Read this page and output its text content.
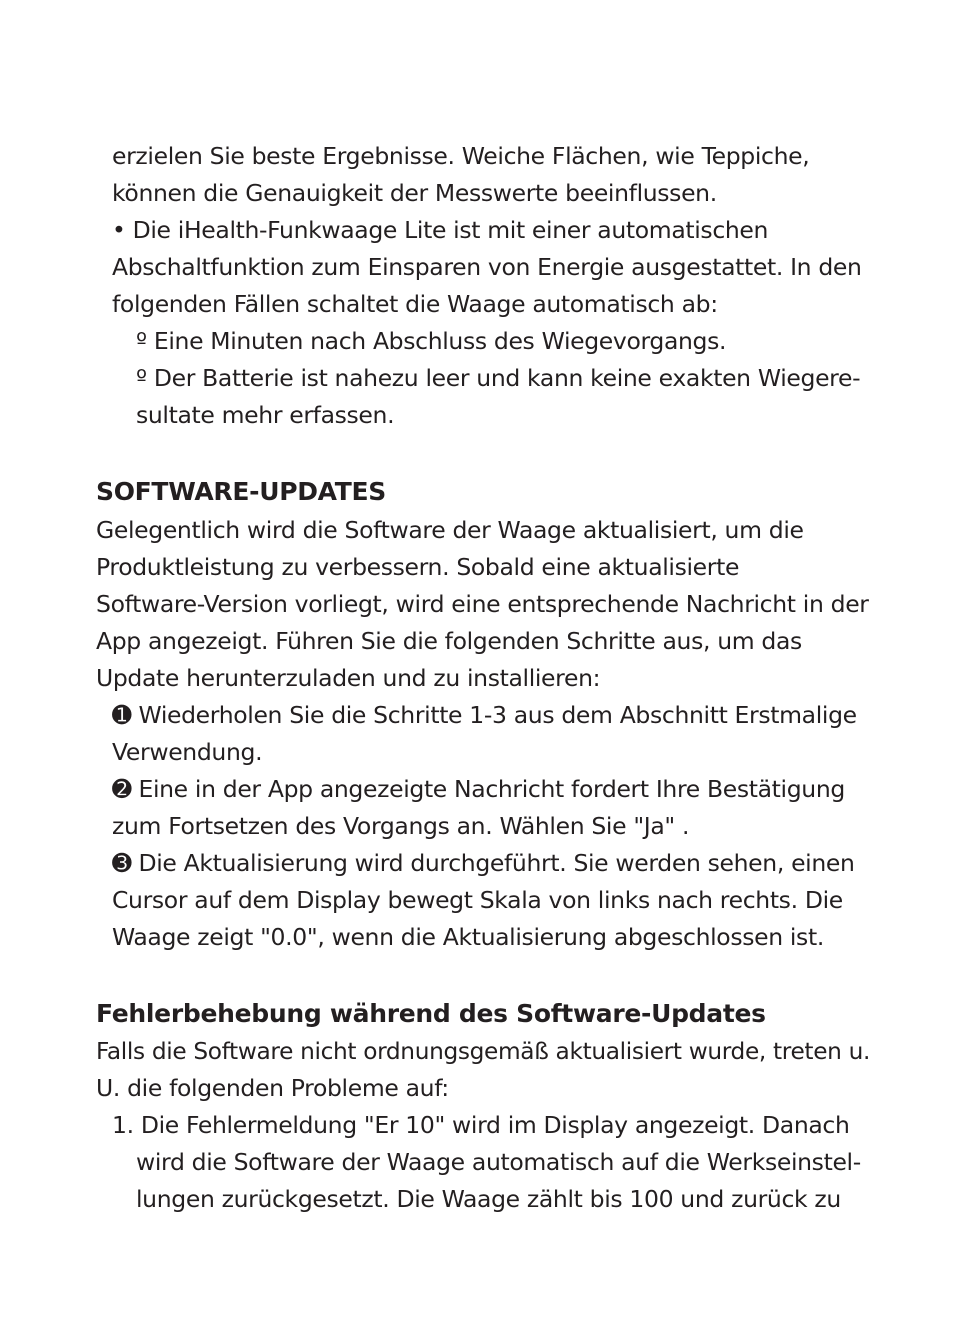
erzielen Sie beste Ergebnisse. Weiche Flächen, wie Teppiche,
können die Genauigkeit der Messwerte beeinflussen.
• Die iHealth-Funkwaage Lite ist mit einer automatischen
Abschaltfunktion zum Einsparen von Energie ausgestattet. In den
folgenden Fällen schaltet die Waage automatisch ab:
º Eine Minuten nach Abschluss des Wiegevorgangs.
º Der Batterie ist nahezu leer und kann keine exakten Wiegere-
sultate mehr erfassen.
SOFTWARE-UPDATES
Gelegentlich wird die Software der Waage aktualisiert, um die
Produktleistung zu verbessern. Sobald eine aktualisierte
Software-Version vorliegt, wird eine entsprechende Nachricht in der
App angezeigt. Führen Sie die folgenden Schritte aus, um das
Update herunterzuladen und zu installieren:
➊ Wiederholen Sie die Schritte 1-3 aus dem Abschnitt Erstmalige
Verwendung.
➋ Eine in der App angezeigte Nachricht fordert Ihre Bestätigung
zum Fortsetzen des Vorgangs an. Wählen Sie "Ja" .
➌ Die Aktualisierung wird durchgeführt. Sie werden sehen, einen
Cursor auf dem Display bewegt Skala von links nach rechts. Die
Waage zeigt "0.0", wenn die Aktualisierung abgeschlossen ist.
Fehlerbehebung während des Software-Updates
Falls die Software nicht ordnungsgemäß aktualisiert wurde, treten u.
U. die folgenden Probleme auf:
1. Die Fehlermeldung "Er 10" wird im Display angezeigt. Danach
wird die Software der Waage automatisch auf die Werkseinstel-
lungen zurückgesetzt. Die Waage zählt bis 100 und zurück zu
